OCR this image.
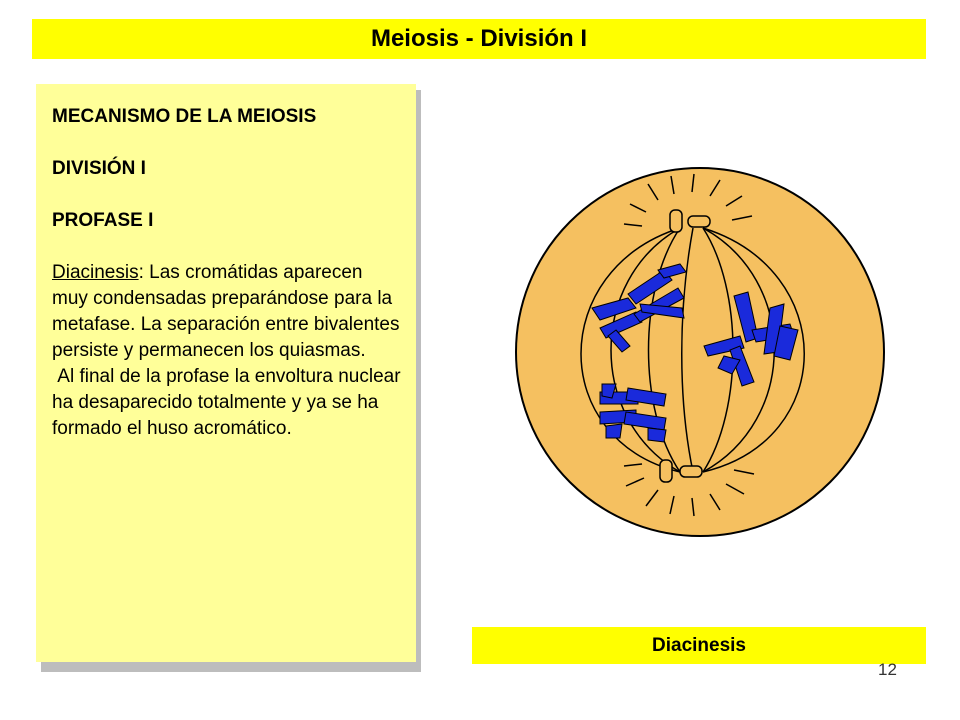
Meiosis - División I

MECANISMO DE LA MEIOSIS

DIVISIÓN I

PROFASE I

Diacinesis: Las cromátidas aparecen muy condensadas preparándose para la metafase. La separación entre bivalentes persiste y permanecen los quiasmas.
Al final de la profase la envoltura nuclear ha desaparecido totalmente y ya se ha formado el huso acromático.

Diacinesis
12
